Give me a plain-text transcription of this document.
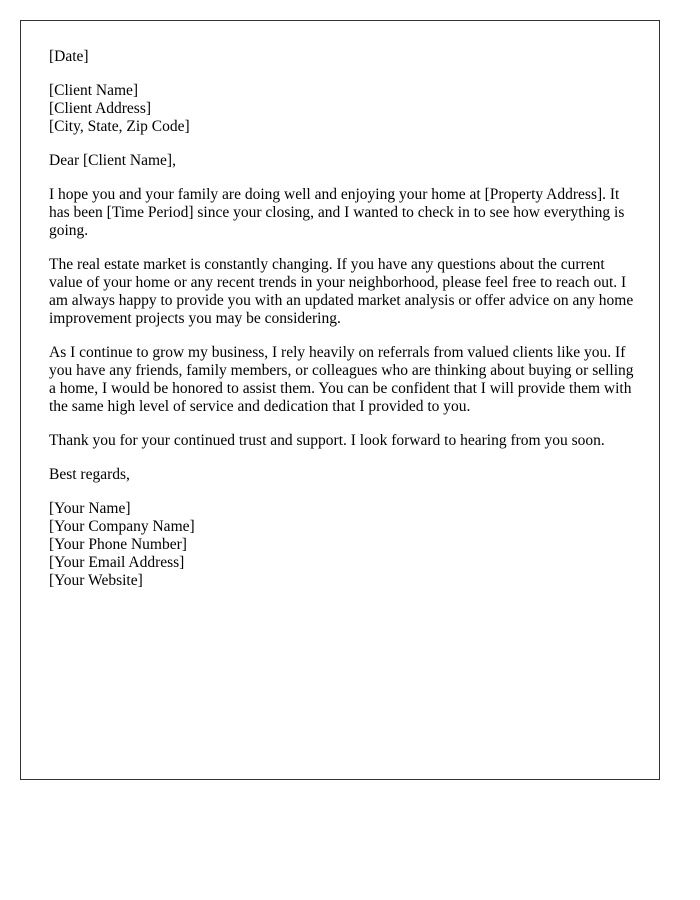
[Date]
[Client Name]
[Client Address]
[City, State, Zip Code]
Dear [Client Name],

I hope you and your family are doing well and enjoying your home at [Property Address]. It has been [Time Period] since your closing, and I wanted to check in to see how everything is going.

The real estate market is constantly changing. If you have any questions about the current value of your home or any recent trends in your neighborhood, please feel free to reach out. I am always happy to provide you with an updated market analysis or offer advice on any home improvement projects you may be considering.

As I continue to grow my business, I rely heavily on referrals from valued clients like you. If you have any friends, family members, or colleagues who are thinking about buying or selling a home, I would be honored to assist them. You can be confident that I will provide them with the same high level of service and dedication that I provided to you.

Thank you for your continued trust and support. I look forward to hearing from you soon.

Best regards,
[Your Name]
[Your Company Name]
[Your Phone Number]
[Your Email Address]
[Your Website]
